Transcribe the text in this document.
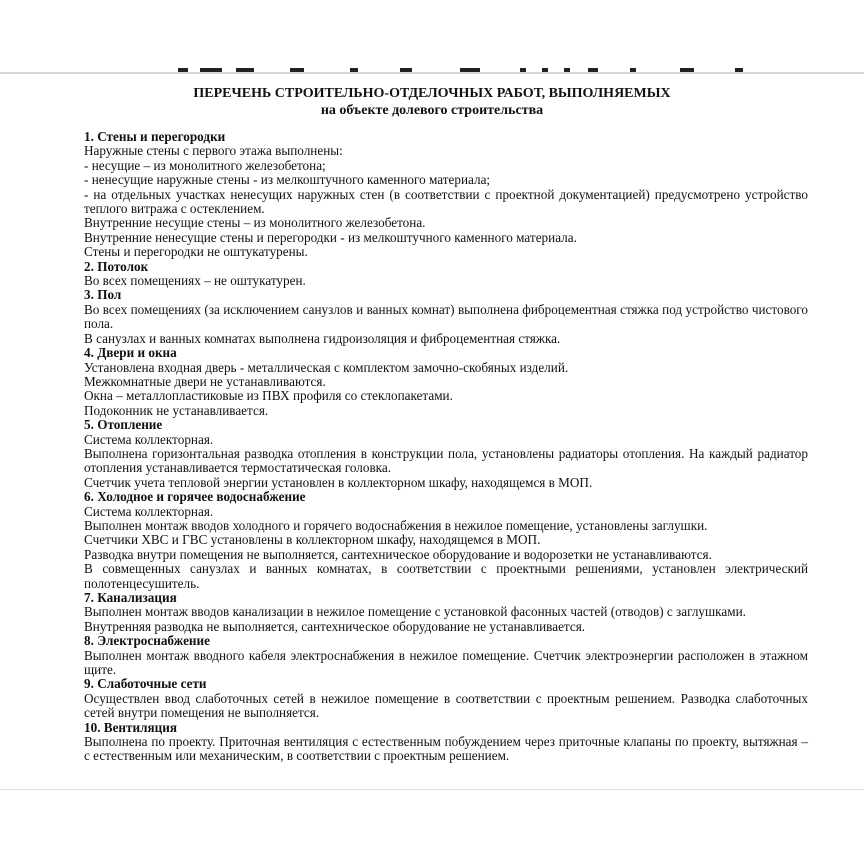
ПЕРЕЧЕНЬ СТРОИТЕЛЬНО-ОТДЕЛОЧНЫХ РАБОТ, ВЫПОЛНЯЕМЫХ
на объекте долевого строительства

1. Стены и перегородки

Наружные стены с первого этажа выполнены:

- несущие – из монолитного железобетона;

- ненесущие наружные стены - из мелкоштучного каменного материала;

- на отдельных участках ненесущих наружных стен (в соответствии с проектной документацией) предусмотрено устройство теплого витража с остеклением.

Внутренние несущие стены – из монолитного железобетона.

Внутренние ненесущие стены и перегородки - из мелкоштучного каменного материала.

Стены и перегородки не оштукатурены.

2. Потолок

Во всех помещениях – не оштукатурен.

3. Пол

Во всех помещениях (за исключением санузлов и ванных комнат) выполнена фиброцементная стяжка под устройство чистового пола.

В санузлах и ванных комнатах выполнена гидроизоляция и фиброцементная стяжка.

4. Двери и окна

Установлена входная дверь - металлическая с комплектом замочно-скобяных изделий.

Межкомнатные двери не устанавливаются.

Окна – металлопластиковые из ПВХ профиля со стеклопакетами.

Подоконник не устанавливается.

5. Отопление

Система коллекторная.

Выполнена горизонтальная разводка отопления в конструкции пола, установлены радиаторы отопления. На каждый радиатор отопления устанавливается термостатическая головка.

Счетчик учета тепловой энергии установлен в коллекторном шкафу, находящемся в МОП.

6. Холодное и горячее водоснабжение

Система коллекторная.

Выполнен монтаж вводов холодного и горячего водоснабжения в нежилое помещение, установлены заглушки.

Счетчики ХВС и ГВС установлены в коллекторном шкафу, находящемся в МОП.

Разводка внутри помещения не выполняется, сантехническое оборудование и водорозетки не устанавливаются.

В совмещенных санузлах и ванных комнатах, в соответствии с проектными решениями, установлен электрический полотенцесушитель.

7. Канализация

Выполнен монтаж вводов канализации в нежилое помещение с установкой фасонных частей (отводов) с заглушками.

Внутренняя разводка не выполняется, сантехническое оборудование не устанавливается.

8. Электроснабжение

Выполнен монтаж вводного кабеля электроснабжения в нежилое помещение. Счетчик электроэнергии расположен в этажном щите.

9. Слаботочные сети

Осуществлен ввод слаботочных сетей в нежилое помещение в соответствии с проектным решением. Разводка слаботочных сетей внутри помещения не выполняется.

10. Вентиляция

Выполнена по проекту. Приточная вентиляция с естественным побуждением через приточные клапаны по проекту, вытяжная – с естественным или механическим, в соответствии с проектным решением.
